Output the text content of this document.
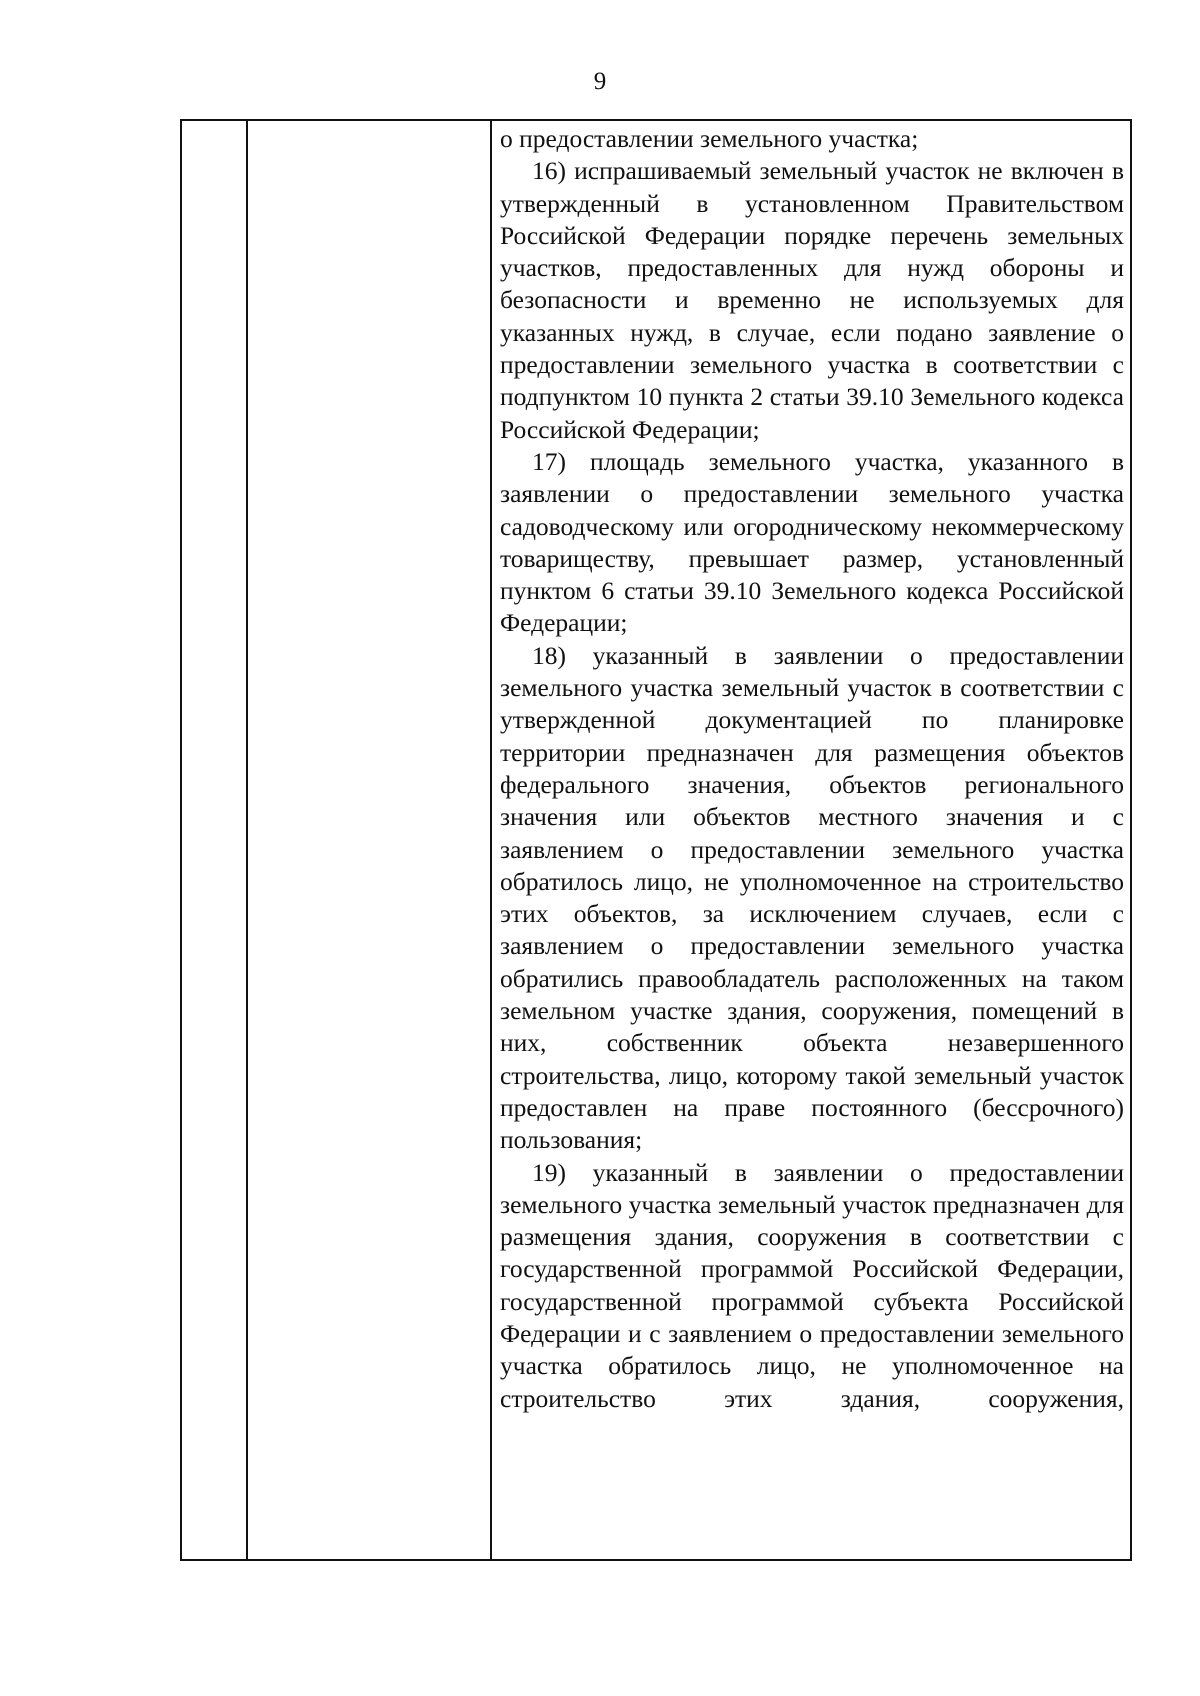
9

о предоставлении земельного участка;

16) испрашиваемый земельный участок не включен в утвержденный в установленном Правительством Российской Федерации порядке перечень земельных участков, предоставленных для нужд обороны и безопасности и временно не используемых для указанных нужд, в случае, если подано заявление о предоставлении земельного участка в соответствии с подпунктом 10 пункта 2 статьи 39.10 Земельного кодекса Российской Федерации;

17) площадь земельного участка, указанного в заявлении о предоставлении земельного участка садоводческому или огородническому некоммерческому товариществу, превышает размер, установленный пунктом 6 статьи 39.10 Земельного кодекса Российской Федерации;

18) указанный в заявлении о предоставлении земельного участка земельный участок в соответствии с утвержденной документацией по планировке территории предназначен для размещения объектов федерального значения, объектов регионального значения или объектов местного значения и с заявлением о предоставлении земельного участка обратилось лицо, не уполномоченное на строительство этих объектов, за исключением случаев, если с заявлением о предоставлении земельного участка обратились правообладатель расположенных на таком земельном участке здания, сооружения, помещений в них, собственник объекта незавершенного строительства, лицо, которому такой земельный участок предоставлен на праве постоянного (бессрочного) пользования;

19) указанный в заявлении о предоставлении земельного участка земельный участок предназначен для размещения здания, сооружения в соответствии с государственной программой Российской Федерации, государственной программой субъекта Российской Федерации и с заявлением о предоставлении земельного участка обратилось лицо, не уполномоченное на строительство этих здания, сооружения,
